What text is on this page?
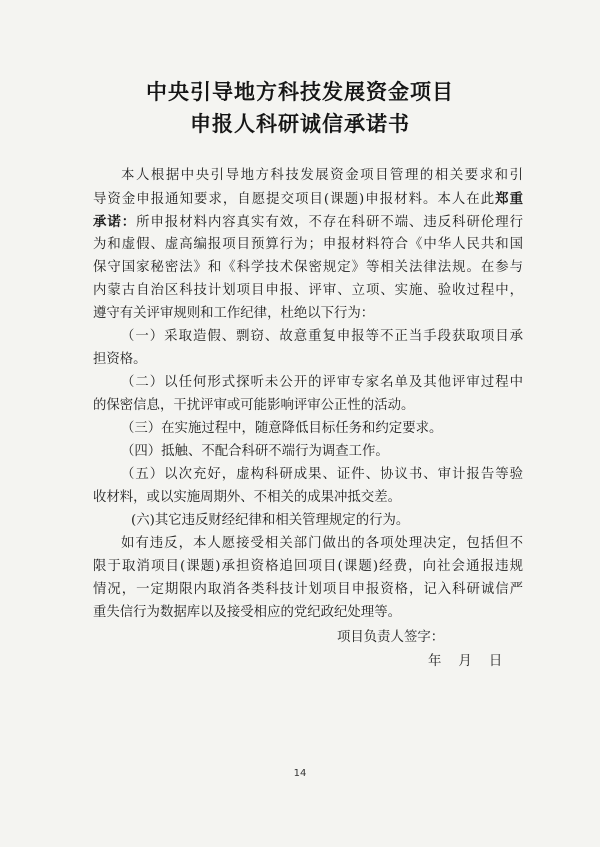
中央引导地方科技发展资金项目
申报人科研诚信承诺书
本人根据中央引导地方科技发展资金项目管理的相关要求和引
导资金申报通知要求，自愿提交项目(课题)申报材料。本人在此郑重
承诺：所申报材料内容真实有效，不存在科研不端、违反科研伦理行
为和虚假、虚高编报项目预算行为；申报材料符合《中华人民共和国
保守国家秘密法》和《科学技术保密规定》等相关法律法规。在参与
内蒙古自治区科技计划项目申报、评审、立项、实施、验收过程中，
遵守有关评审规则和工作纪律，杜绝以下行为：
（一）采取造假、剽窃、故意重复申报等不正当手段获取项目承
担资格。
（二）以任何形式探听未公开的评审专家名单及其他评审过程中
的保密信息，干扰评审或可能影响评审公正性的活动。
（三）在实施过程中，随意降低目标任务和约定要求。
（四）抵触、不配合科研不端行为调查工作。
（五）以次充好，虚构科研成果、证件、协议书、审计报告等验
收材料，或以实施周期外、不相关的成果冲抵交差。
(六)其它违反财经纪律和相关管理规定的行为。
如有违反，本人愿接受相关部门做出的各项处理决定，包括但不
限于取消项目(课题)承担资格追回项目(课题)经费，向社会通报违规
情况，一定期限内取消各类科技计划项目申报资格，记入科研诚信严
重失信行为数据库以及接受相应的党纪政纪处理等。
项目负责人签字：
年    月    日
14
